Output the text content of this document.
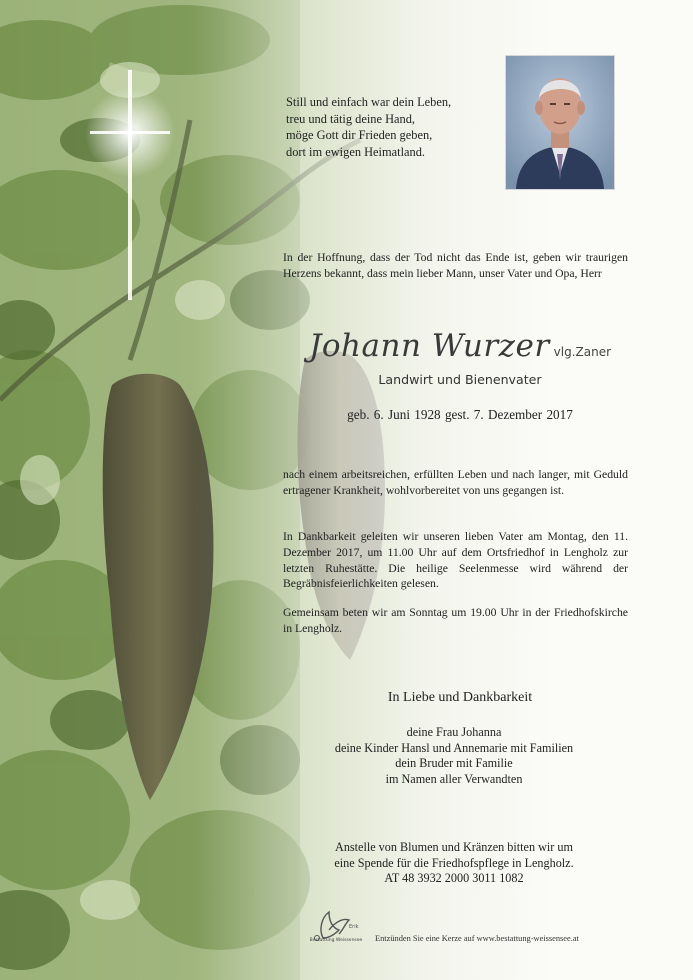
Still und einfach war dein Leben,
treu und tätig deine Hand,
möge Gott dir Frieden geben,
dort im ewigen Heimatland.
In der Hoffnung, dass der Tod nicht das Ende ist, geben wir traurigen Herzens bekannt, dass mein lieber Mann, unser Vater und Opa, Herr
Johann Wurzer vlg.Zaner
Landwirt und Bienenvater
geb. 6. Juni 1928 gest. 7. Dezember 2017
nach einem arbeitsreichen, erfüllten Leben und nach langer, mit Geduld ertragener Krankheit, wohlvorbereitet von uns gegangen ist.
In Dankbarkeit geleiten wir unseren lieben Vater am Montag, den 11. Dezember 2017, um 11.00 Uhr auf dem Ortsfriedhof in Lengholz zur letzten Ruhestätte. Die heilige Seelenmesse wird während der Begräbnisfeierlichkeiten gelesen.
Gemeinsam beten wir am Sonntag um 19.00 Uhr in der Friedhofskirche in Lengholz.
In Liebe und Dankbarkeit
deine Frau Johanna
deine Kinder Hansl und Annemarie mit Familien
dein Bruder mit Familie
im Namen aller Verwandten
Anstelle von Blumen und Kränzen bitten wir um
eine Spende für die Friedhofspflege in Lengholz.
AT 48 3932 2000 3011 1082
Erik
Bestattung Weissensee	Entzünden Sie eine Kerze auf www.bestattung-weissensee.at
